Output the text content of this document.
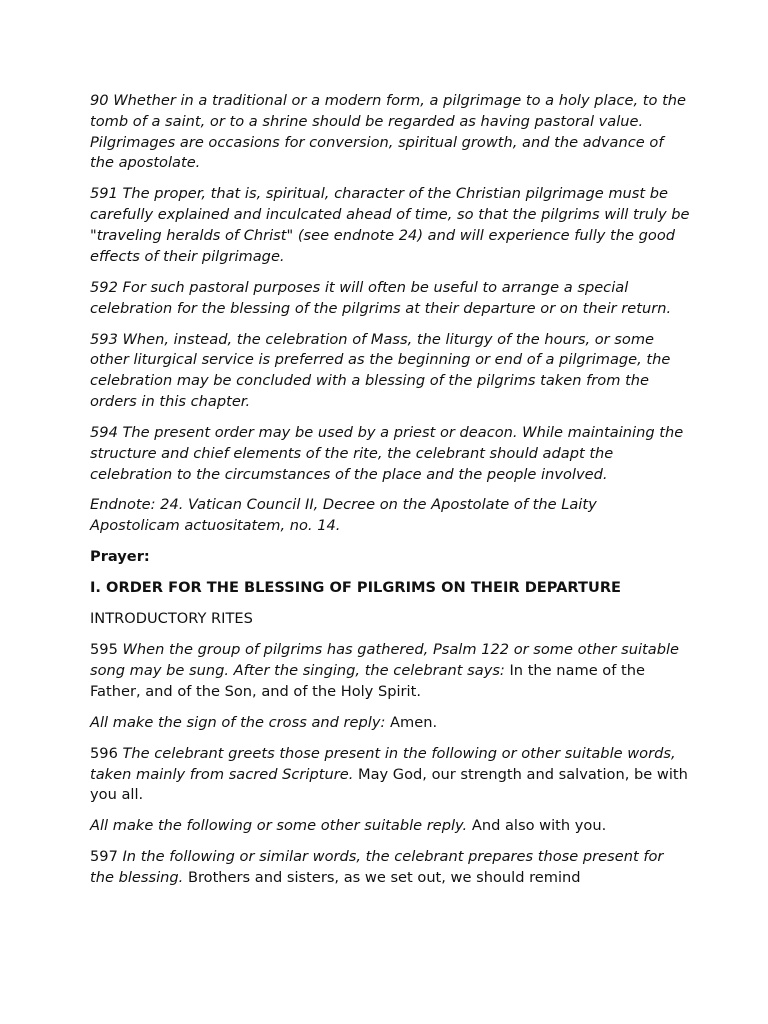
90 Whether in a traditional or a modern form, a pilgrimage to a holy place, to the tomb of a saint, or to a shrine should be regarded as having pastoral value. Pilgrimages are occasions for conversion, spiritual growth, and the advance of the apostolate.

591 The proper, that is, spiritual, character of the Christian pilgrimage must be carefully explained and inculcated ahead of time, so that the pilgrims will truly be "traveling heralds of Christ" (see endnote 24) and will experience fully the good effects of their pilgrimage.

592 For such pastoral purposes it will often be useful to arrange a special celebration for the blessing of the pilgrims at their departure or on their return.

593 When, instead, the celebration of Mass, the liturgy of the hours, or some other liturgical service is preferred as the beginning or end of a pilgrimage, the celebration may be concluded with a blessing of the pilgrims taken from the orders in this chapter.

594 The present order may be used by a priest or deacon. While maintaining the structure and chief elements of the rite, the celebrant should adapt the celebration to the circumstances of the place and the people involved.

Endnote: 24. Vatican Council II, Decree on the Apostolate of the Laity Apostolicam actuositatem, no. 14.

Prayer:

I. ORDER FOR THE BLESSING OF PILGRIMS ON THEIR DEPARTURE

INTRODUCTORY RITES

595 When the group of pilgrims has gathered, Psalm 122 or some other suitable song may be sung. After the singing, the celebrant says: In the name of the Father, and of the Son, and of the Holy Spirit.

All make the sign of the cross and reply: Amen.

596 The celebrant greets those present in the following or other suitable words, taken mainly from sacred Scripture. May God, our strength and salvation, be with you all.

All make the following or some other suitable reply. And also with you.

597 In the following or similar words, the celebrant prepares those present for the blessing. Brothers and sisters, as we set out, we should remind
